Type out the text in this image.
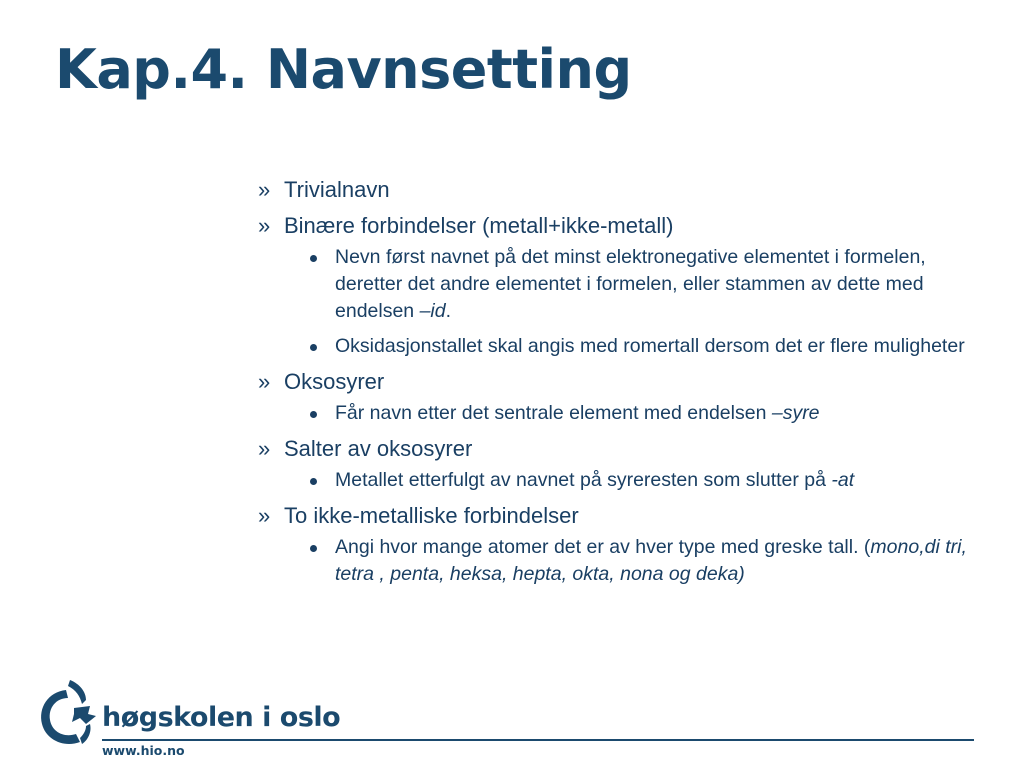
Kap.4. Navnsetting
» Trivialnavn
» Binære forbindelser (metall+ikke-metall)
Nevn først navnet på det minst elektronegative elementet i formelen, deretter det andre elementet i formelen, eller stammen av dette med endelsen –id.
Oksidasjonstallet skal angis med romertall dersom det er flere muligheter
» Oksosyrer
Får navn etter det sentrale element med endelsen –syre
» Salter av oksosyrer
Metallet etterfulgt av navnet på syreresten som slutter på -at
» To ikke-metalliske forbindelser
Angi hvor mange atomer det er av hver type med greske tall. (mono,di tri, tetra , penta, heksa, hepta, okta, nona og deka)
høgskolen i oslo
www.hio.no
